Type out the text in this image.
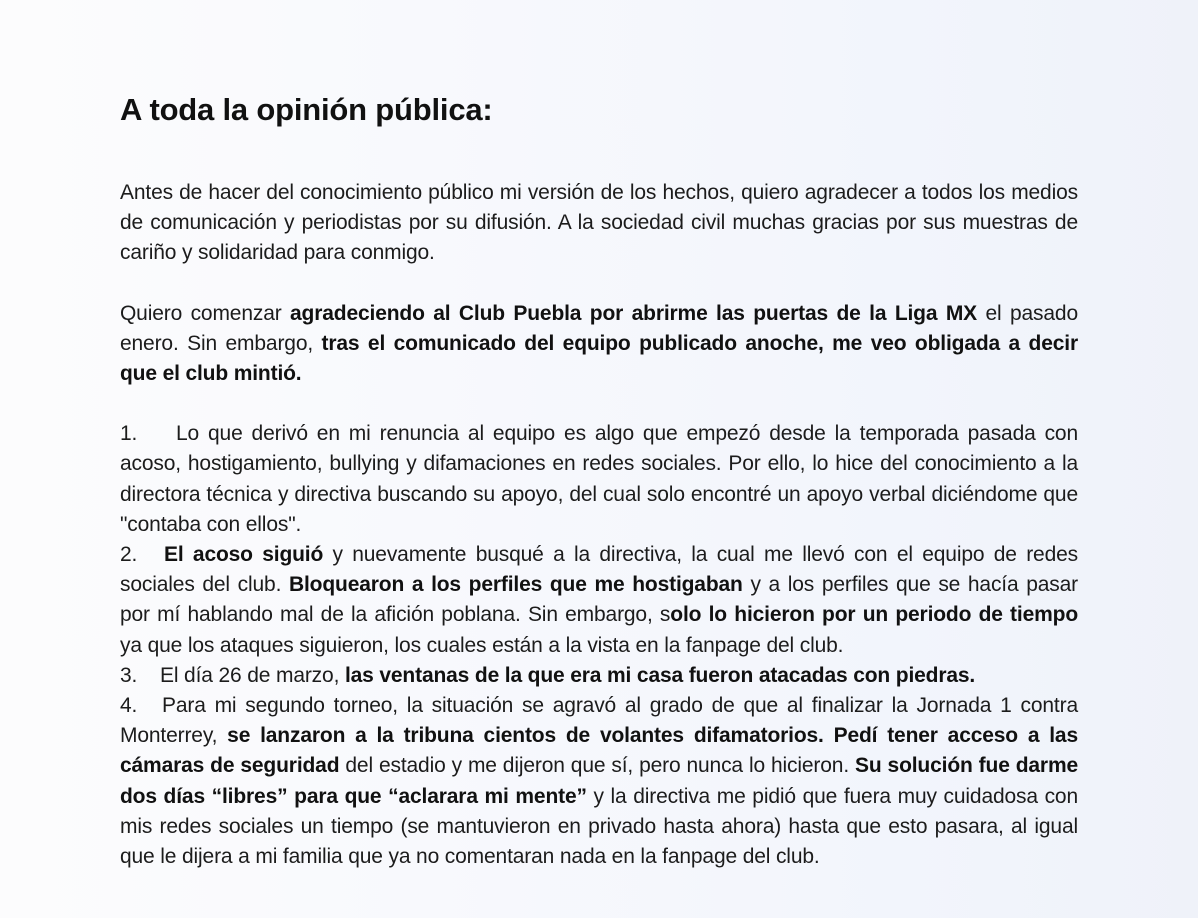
A toda la opinión pública:

Antes de hacer del conocimiento público mi versión de los hechos, quiero agradecer a todos los medios de comunicación y periodistas por su difusión. A la sociedad civil muchas gracias por sus muestras de cariño y solidaridad para conmigo.

Quiero comenzar agradeciendo al Club Puebla por abrirme las puertas de la Liga MX el pasado enero. Sin embargo, tras el comunicado del equipo publicado anoche, me veo obligada a decir que el club mintió.

1. Lo que derivó en mi renuncia al equipo es algo que empezó desde la temporada pasada con acoso, hostigamiento, bullying y difamaciones en redes sociales. Por ello, lo hice del conocimiento a la directora técnica y directiva buscando su apoyo, del cual solo encontré un apoyo verbal diciéndome que "contaba con ellos".

2. El acoso siguió y nuevamente busqué a la directiva, la cual me llevó con el equipo de redes sociales del club. Bloquearon a los perfiles que me hostigaban y a los perfiles que se hacía pasar por mí hablando mal de la afición poblana. Sin embargo, solo lo hicieron por un periodo de tiempo ya que los ataques siguieron, los cuales están a la vista en la fanpage del club.

3. El día 26 de marzo, las ventanas de la que era mi casa fueron atacadas con piedras.

4. Para mi segundo torneo, la situación se agravó al grado de que al finalizar la Jornada 1 contra Monterrey, se lanzaron a la tribuna cientos de volantes difamatorios. Pedí tener acceso a las cámaras de seguridad del estadio y me dijeron que sí, pero nunca lo hicieron. Su solución fue darme dos días “libres” para que “aclarara mi mente” y la directiva me pidió que fuera muy cuidadosa con mis redes sociales un tiempo (se mantuvieron en privado hasta ahora) hasta que esto pasara, al igual que le dijera a mi familia que ya no comentaran nada en la fanpage del club.
